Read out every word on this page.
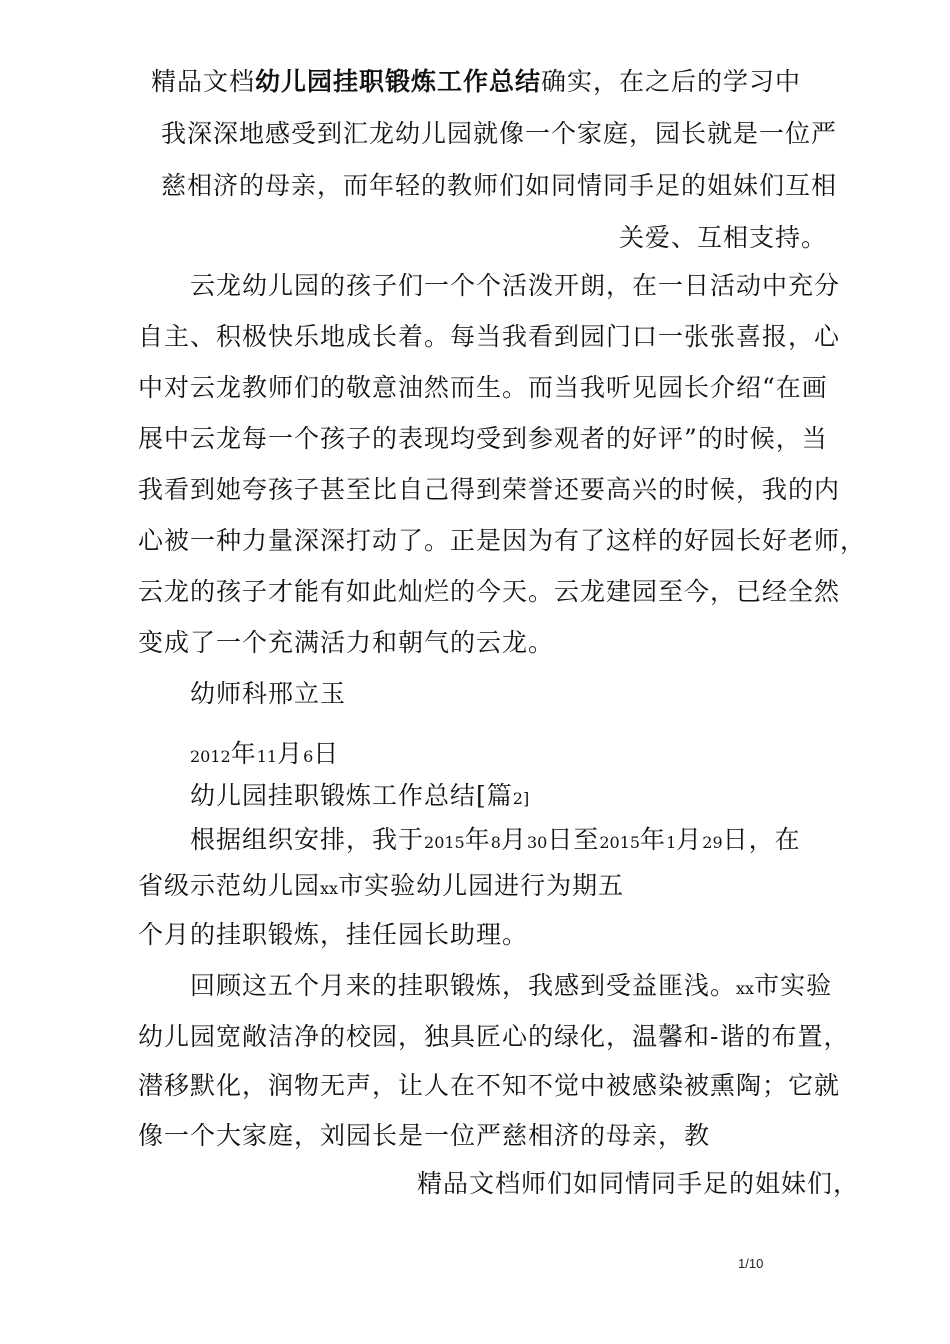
精品文档幼儿园挂职锻炼工作总结确实，在之后的学习中
我深深地感受到汇龙幼儿园就像一个家庭，园长就是一位严
慈相济的母亲，而年轻的教师们如同情同手足的姐妹们互相
关爱、互相支持。
云龙幼儿园的孩子们一个个活泼开朗，在一日活动中充分
自主、积极快乐地成长着。每当我看到园门口一张张喜报，心
中对云龙教师们的敬意油然而生。而当我听见园长介绍“在画
展中云龙每一个孩子的表现均受到参观者的好评”的时候，当
我看到她夸孩子甚至比自己得到荣誉还要高兴的时候，我的内
心被一种力量深深打动了。正是因为有了这样的好园长好老师，
云龙的孩子才能有如此灿烂的今天。云龙建园至今，已经全然
变成了一个充满活力和朝气的云龙。
幼师科邢立玉
2012年11月6日
幼儿园挂职锻炼工作总结[篇2]
根据组织安排，我于2015年8月30日至2015年1月29日，在
省级示范幼儿园xx市实验幼儿园进行为期五
个月的挂职锻炼，挂任园长助理。
回顾这五个月来的挂职锻炼，我感到受益匪浅。xx市实验
幼儿园宽敞洁净的校园，独具匠心的绿化，温馨和-谐的布置，
潜移默化，润物无声，让人在不知不觉中被感染被熏陶；它就
像一个大家庭，刘园长是一位严慈相济的母亲，教
精品文档师们如同情同手足的姐妹们，
1/10
